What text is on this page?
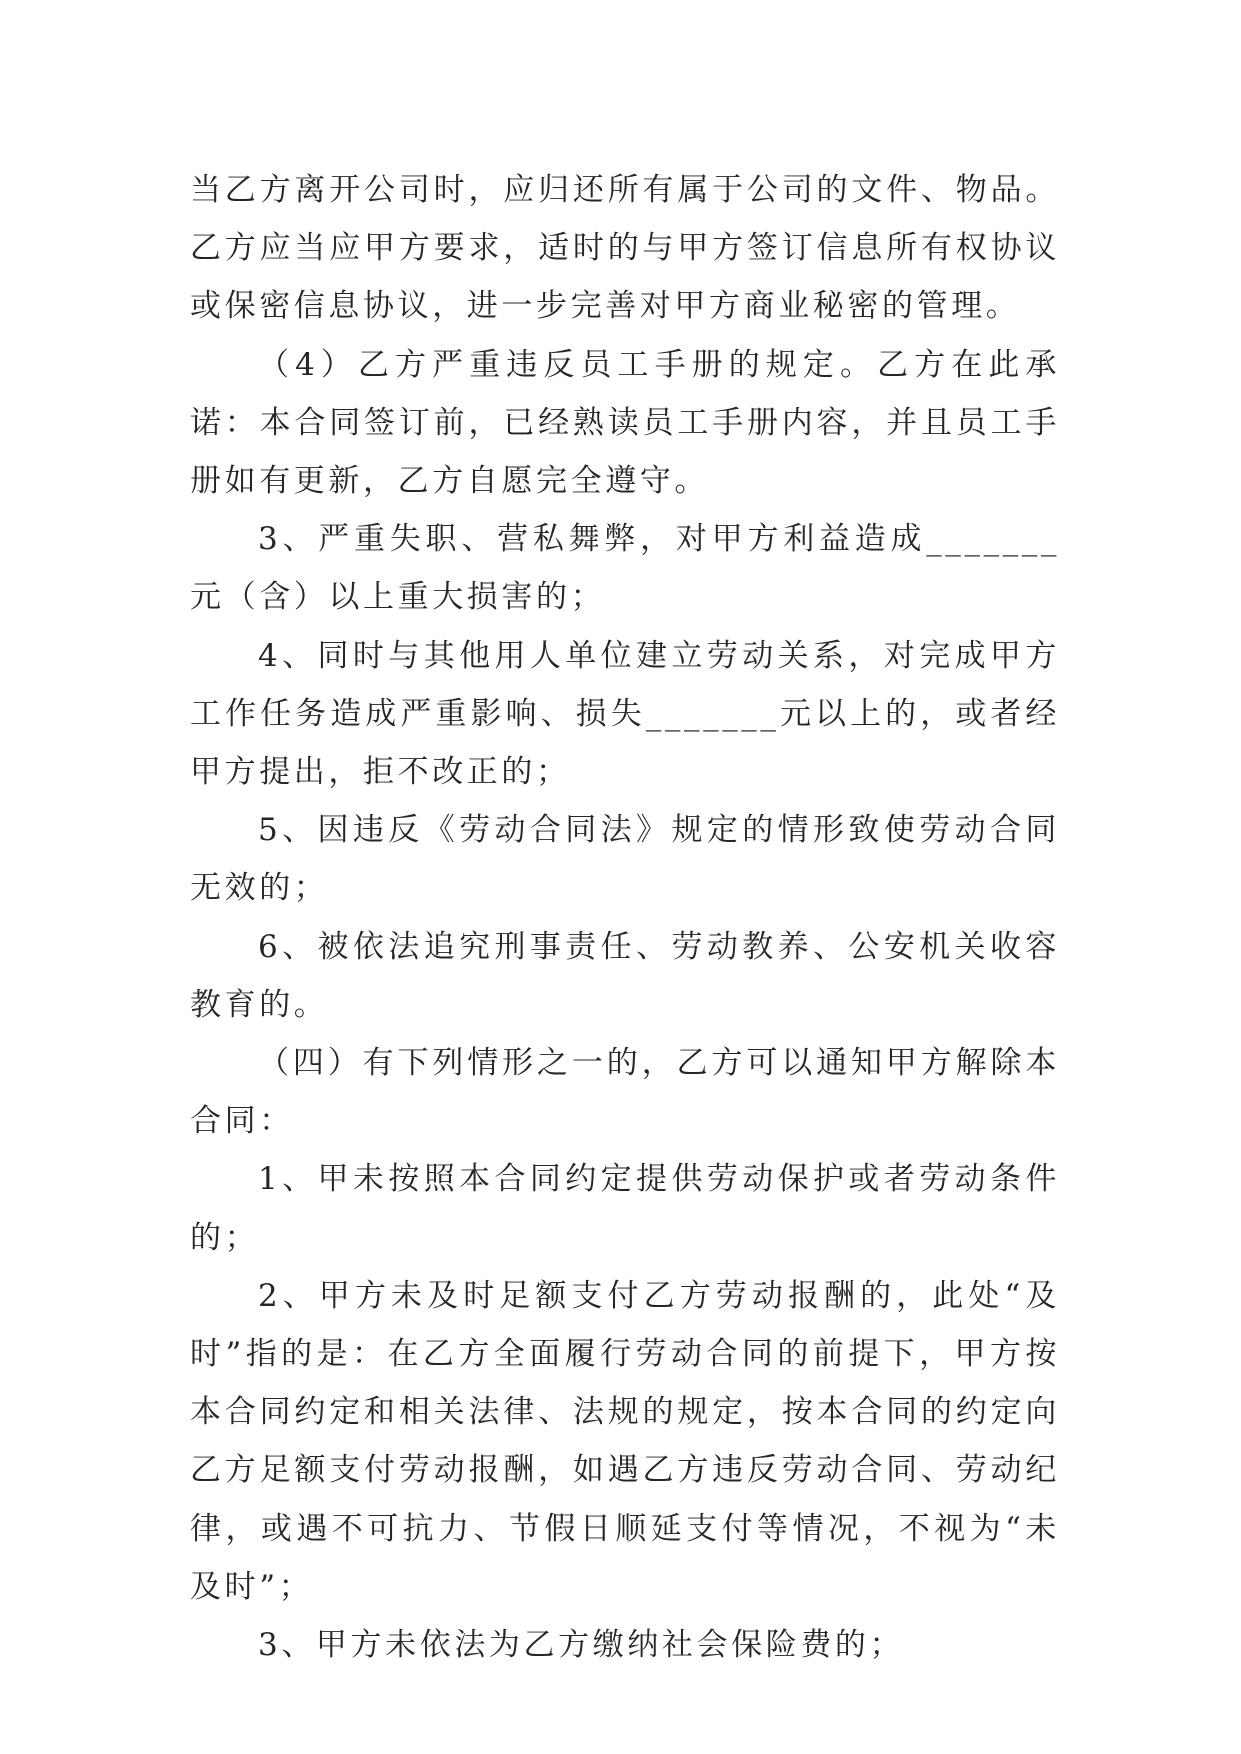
当乙方离开公司时，应归还所有属于公司的文件、物品。乙方应当应甲方要求，适时的与甲方签订信息所有权协议或保密信息协议，进一步完善对甲方商业秘密的管理。

（4）乙方严重违反员工手册的规定。乙方在此承诺：本合同签订前，已经熟读员工手册内容，并且员工手册如有更新，乙方自愿完全遵守。

3、严重失职、营私舞弊，对甲方利益造成_______元（含）以上重大损害的；

4、同时与其他用人单位建立劳动关系，对完成甲方工作任务造成严重影响、损失_______元以上的，或者经甲方提出，拒不改正的；

5、因违反《劳动合同法》规定的情形致使劳动合同无效的；

6、被依法追究刑事责任、劳动教养、公安机关收容教育的。

（四）有下列情形之一的，乙方可以通知甲方解除本合同：

1、甲未按照本合同约定提供劳动保护或者劳动条件的；

2、甲方未及时足额支付乙方劳动报酬的，此处“及时”指的是：在乙方全面履行劳动合同的前提下，甲方按本合同约定和相关法律、法规的规定，按本合同的约定向乙方足额支付劳动报酬，如遇乙方违反劳动合同、劳动纪律，或遇不可抗力、节假日顺延支付等情况，不视为“未及时”；

3、甲方未依法为乙方缴纳社会保险费的；
